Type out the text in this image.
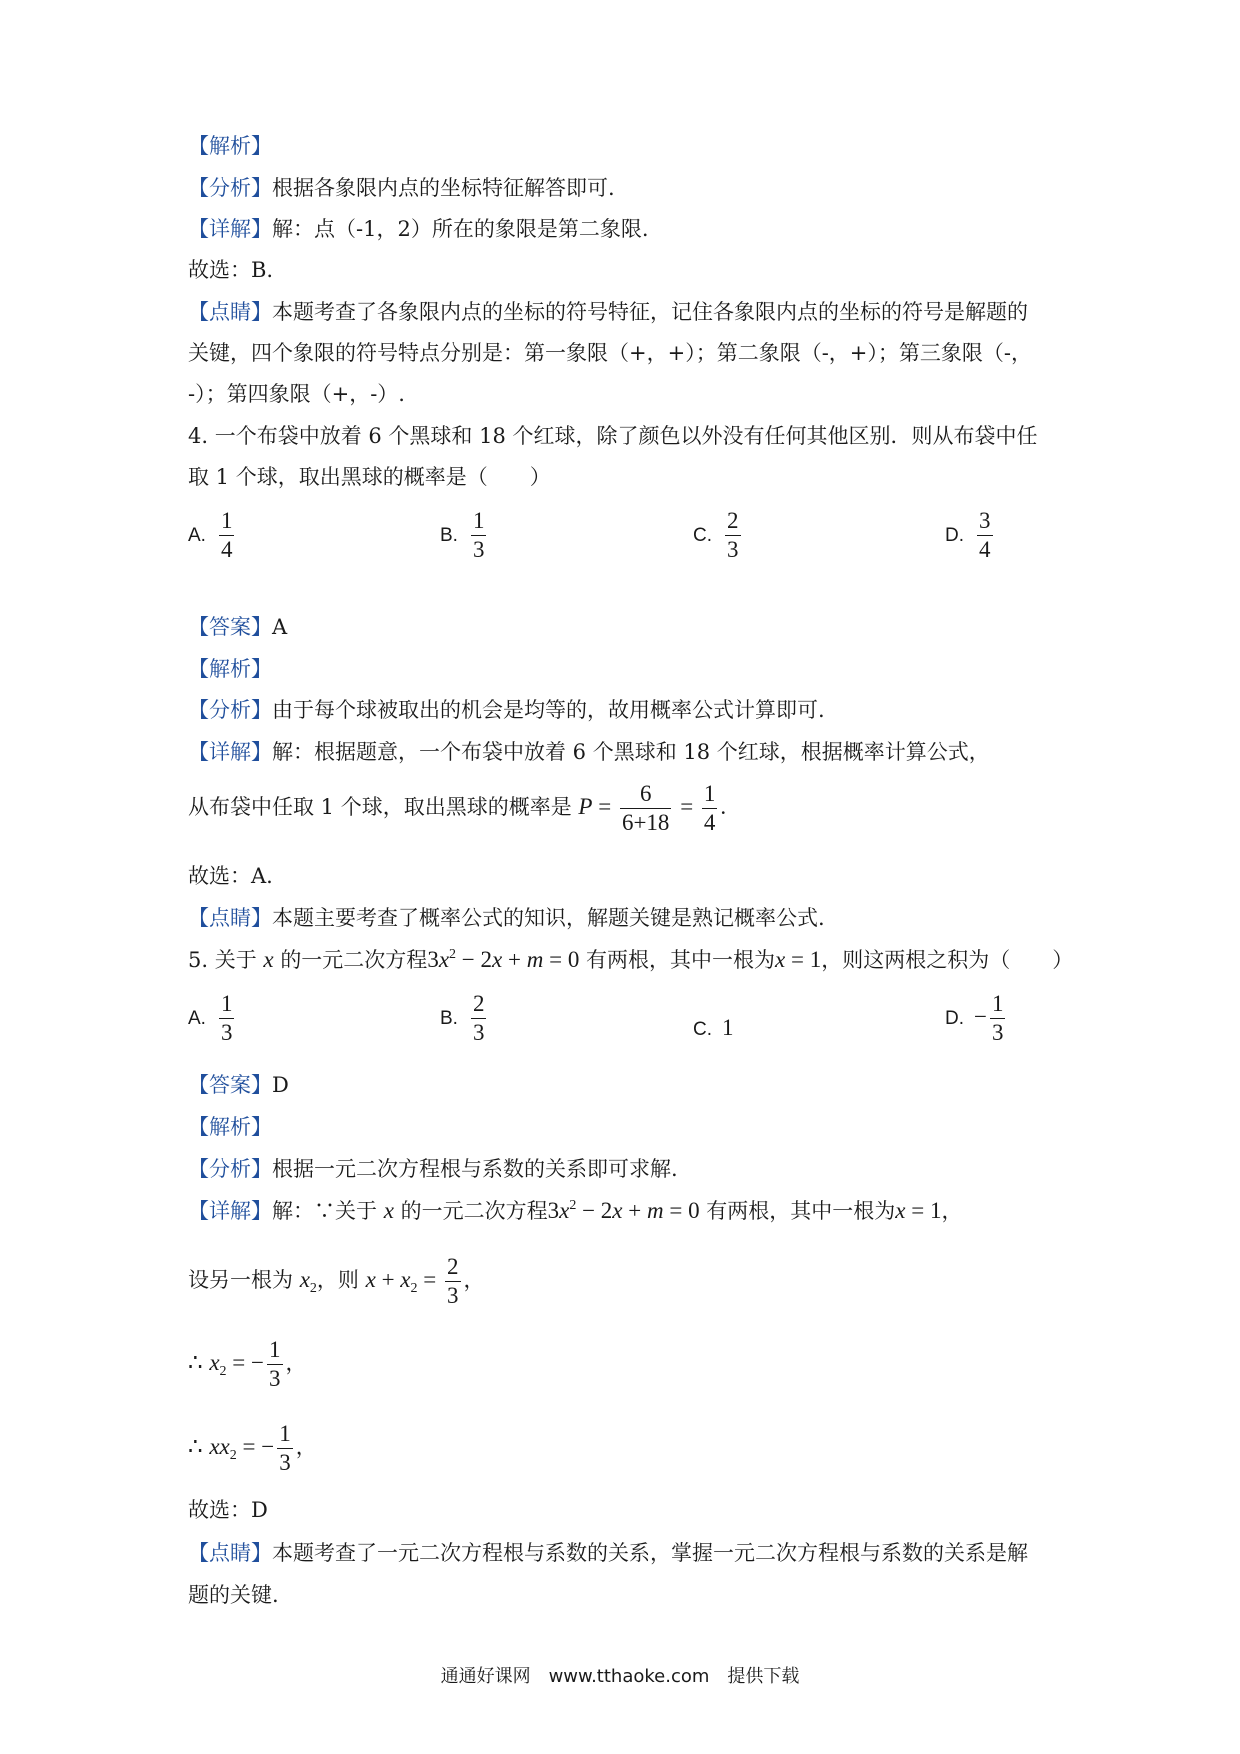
【解析】
【分析】根据各象限内点的坐标特征解答即可.
【详解】解：点（-1，2）所在的象限是第二象限.
故选：B.
【点睛】本题考查了各象限内点的坐标的符号特征，记住各象限内点的坐标的符号是解题的
关键，四个象限的符号特点分别是：第一象限（+，+）；第二象限（-，+）；第三象限（-，
-）；第四象限（+，-）.
4. 一个布袋中放着 6 个黑球和 18 个红球，除了颜色以外没有任何其他区别．则从布袋中任
取 1 个球，取出黑球的概率是（　　）
A. $\frac{1}{4}$	B. $\frac{1}{3}$	C. $\frac{2}{3}$	D. $\frac{3}{4}$
【答案】A
【解析】
【分析】由于每个球被取出的机会是均等的，故用概率公式计算即可.
【详解】解：根据题意，一个布袋中放着 6 个黑球和 18 个红球，根据概率计算公式，
从布袋中任取 1 个球，取出黑球的概率是 $P = \frac{6}{6+18} = \frac{1}{4}$ .
故选：A.
【点睛】本题主要考查了概率公式的知识，解题关键是熟记概率公式.
5. 关于 x 的一元二次方程$3x^2 - 2x + m = 0$ 有两根，其中一根为x = 1，则这两根之积为（　　）
A. $\frac{1}{3}$	B. $\frac{2}{3}$	C. 1	D. − $\frac{1}{3}$
【答案】D
【解析】
【分析】根据一元二次方程根与系数的关系即可求解.
【详解】解：∵关于 x 的一元二次方程$3x^2 - 2x + m = 0$ 有两根，其中一根为x = 1，
设另一根为 $x_2$，则 $x + x_2 = \frac{2}{3}$ ，
∴ $x_2$ = − $\frac{1}{3}$ ，
∴ $xx_2$ = − $\frac{1}{3}$ ，
故选：D
【点睛】本题考查了一元二次方程根与系数的关系，掌握一元二次方程根与系数的关系是解
题的关键.
通通好课网　www.tthaoke.com　提供下载
